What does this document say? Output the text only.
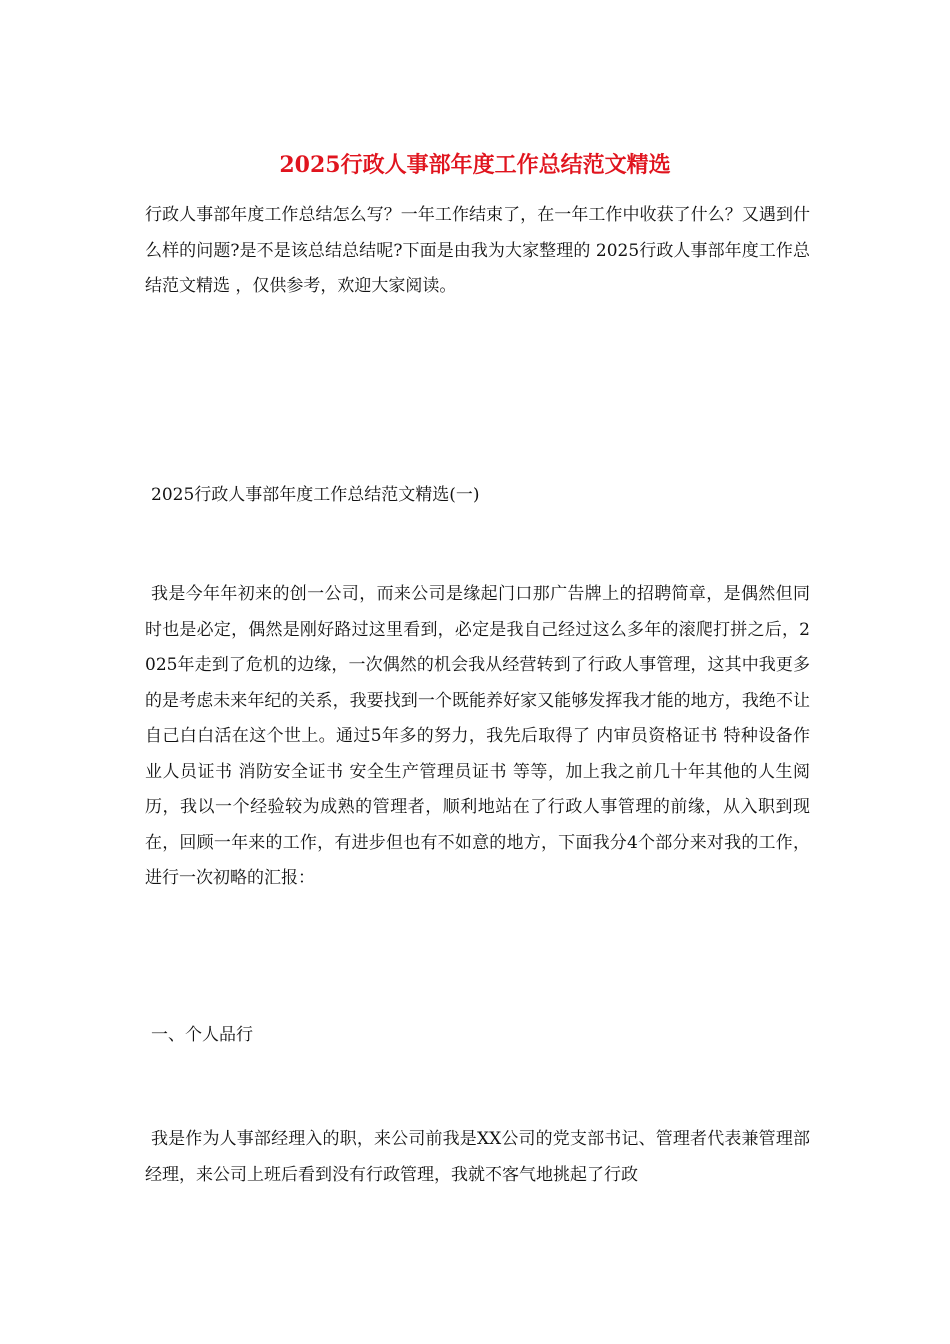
2025行政人事部年度工作总结范文精选

行政人事部年度工作总结怎么写？一年工作结束了，在一年工作中收获了什么？又遇到什么样的问题?是不是该总结总结呢?下面是由我为大家整理的 2025行政人事部年度工作总结范文精选 ，仅供参考，欢迎大家阅读。

2025行政人事部年度工作总结范文精选(一)

我是今年年初来的创一公司，而来公司是缘起门口那广告牌上的招聘简章，是偶然但同时也是必定，偶然是刚好路过这里看到，必定是我自己经过这么多年的滚爬打拼之后，2025年走到了危机的边缘，一次偶然的机会我从经营转到了行政人事管理，这其中我更多的是考虑未来年纪的关系，我要找到一个既能养好家又能够发挥我才能的地方，我绝不让自己白白活在这个世上。通过5年多的努力，我先后取得了 内审员资格证书 特种设备作业人员证书 消防安全证书 安全生产管理员证书 等等，加上我之前几十年其他的人生阅历，我以一个经验较为成熟的管理者，顺利地站在了行政人事管理的前缘，从入职到现在，回顾一年来的工作，有进步但也有不如意的地方，下面我分4个部分来对我的工作，进行一次初略的汇报：

一、个人品行

我是作为人事部经理入的职，来公司前我是XX公司的党支部书记、管理者代表兼管理部经理，来公司上班后看到没有行政管理，我就不客气地挑起了行政
